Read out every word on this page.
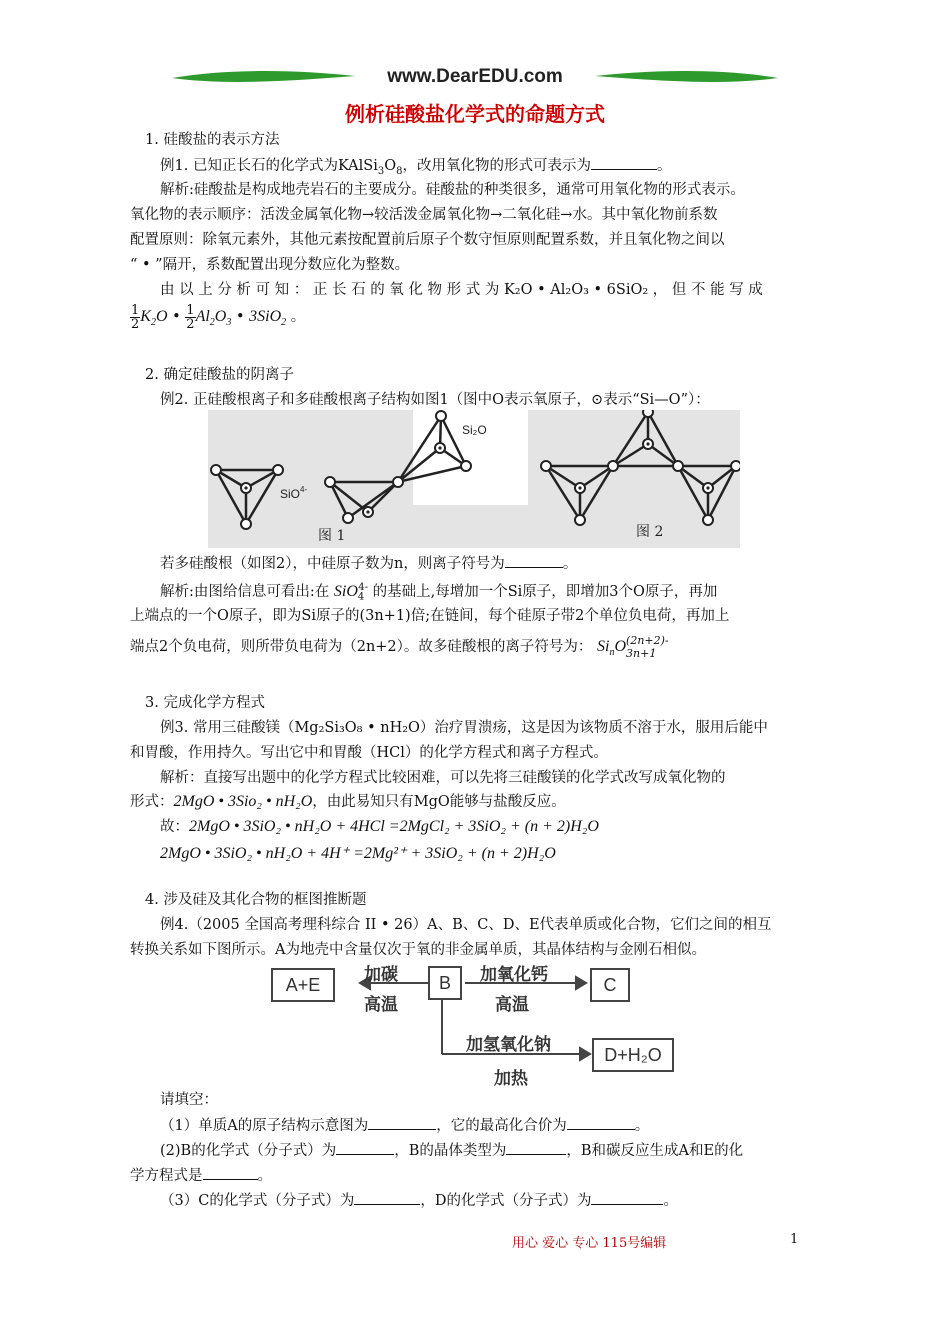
www.DearEDU.com
例析硅酸盐化学式的命题方式
1. 硅酸盐的表示方法
例1. 已知正长石的化学式为$KAlSi_3O_8$，改用氧化物的形式可表示为	。
解析:硅酸盐是构成地壳岩石的主要成分。硅酸盐的种类很多，通常可用氧化物的形式表示。
氧化物的表示顺序：活泼金属氧化物→较活泼金属氧化物→二氧化硅→水。其中氧化物前系数
配置原则：除氧元素外，其他元素按配置前后原子个数守恒原则配置系数，并且氧化物之间以
“ • ”隔开，系数配置出现分数应化为整数。
由 以 上 分 析 可 知 ： 正 长 石 的 氧 化 物 形 式 为 K₂O • Al₂O₃ • 6SiO₂ ， 但 不 能 写 成
$\frac{1}{2}K_2O$ • $\frac{1}{2}Al_2O_3$ • 3SiO$_2$ 。
2. 确定硅酸盐的阴离子
例2. 正硅酸根离子和多硅酸根离子结构如图1（图中O表示氧原子，⊙表示“Si—O”）：
SiO$^{4-}$
Si₂O
图 1	图 2
若多硅酸根（如图2），中硅原子数为n，则离子符号为	。
解析:由图给信息可看出:在 SiO$_4^{4-}$ 的基础上,每增加一个Si原子，即增加3个O原子，再加
上端点的一个O原子，即为Si原子的(3n+1)倍;在链间，每个硅原子带2个单位负电荷，再加上
端点2个负电荷，则所带负电荷为（2n+2）。故多硅酸根的离子符号为： $Si_nO$ (2n+2)-
3n+1
3. 完成化学方程式
例3. 常用三硅酸镁（Mg₂Si₃O₈ • nH₂O）治疗胃溃疡，这是因为该物质不溶于水，服用后能中
和胃酸，作用持久。写出它中和胃酸（HCl）的化学方程式和离子方程式。
解析：直接写出题中的化学方程式比较困难，可以先将三硅酸镁的化学式改写成氧化物的
形式：2MgO • 3Sio₂ • nH₂O，由此易知只有MgO能够与盐酸反应。
故：2MgO • 3SiO₂ • nH₂O + 4HCl =2MgCl₂ + 3SiO₂ + (n + 2)H₂O
2MgO • 3SiO₂ • nH₂O + 4H⁺ =2Mg²⁺ + 3SiO₂ + (n + 2)H₂O
4. 涉及硅及其化合物的框图推断题
例4.（2005 全国高考理科综合 II • 26）A、B、C、D、E代表单质或化合物，它们之间的相互
转换关系如下图所示。A为地壳中含量仅次于氧的非金属单质，其晶体结构与金刚石相似。
A+E	B	C
D+H₂O
加碳
高温
加氧化钙
高温
加氢氧化钠
加热
请填空：
（1）单质A的原子结构示意图为	，它的最高化合价为	。
(2)B的化学式（分子式）为	，B的晶体类型为	，B和碳反应生成A和E的化
学方程式是	。
（3）C的化学式（分子式）为	，D的化学式（分子式）为	。
用心 爱心 专心 115号编辑	1
